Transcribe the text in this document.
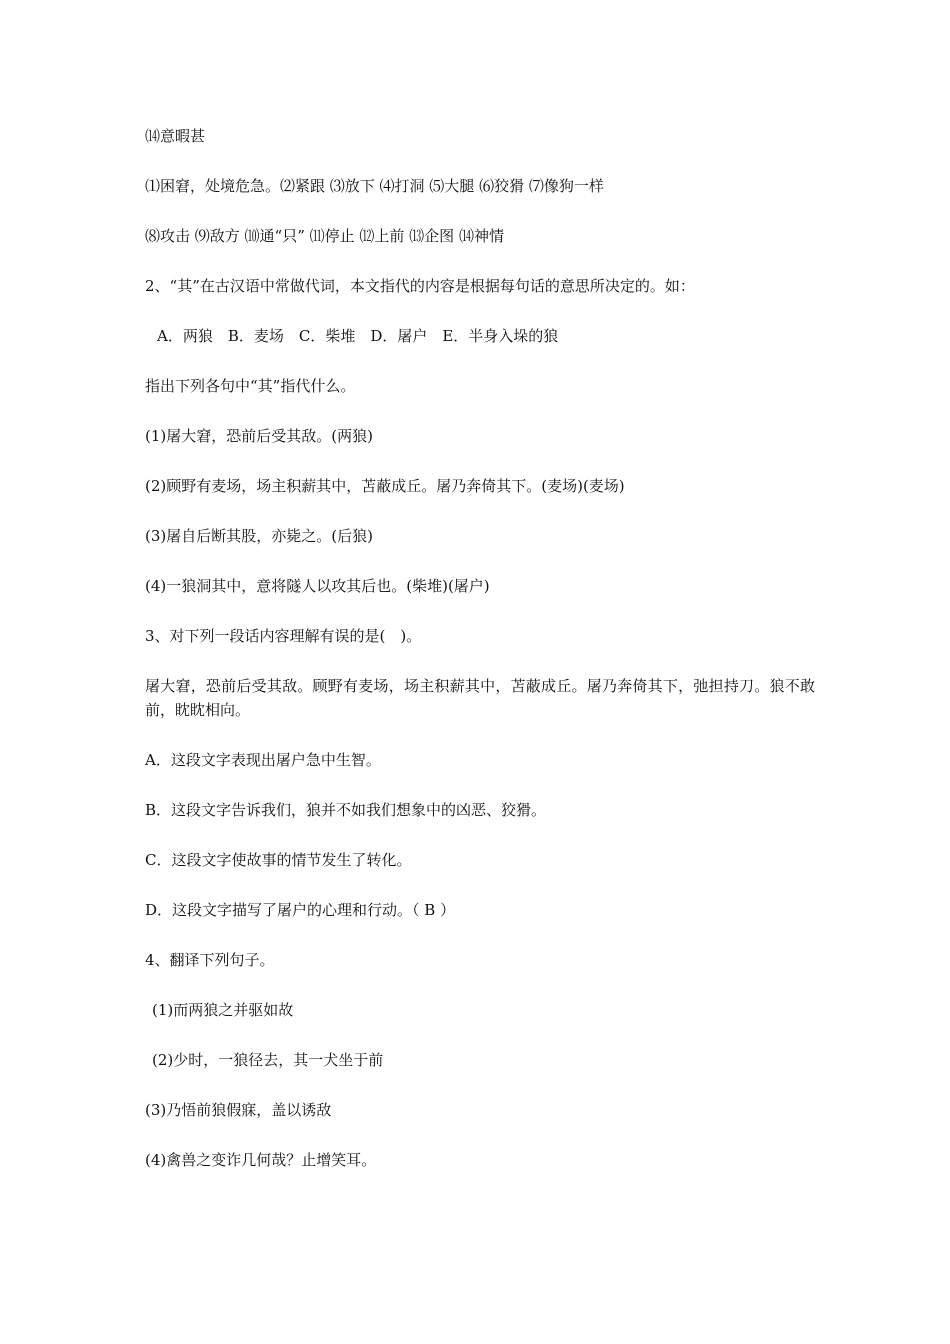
⒁意暇甚
⑴困窘，处境危急。⑵紧跟 ⑶放下 ⑷打洞 ⑸大腿 ⑹狡猾 ⑺像狗一样
⑻攻击 ⑼敌方 ⑽通“只” ⑾停止 ⑿上前 ⒀企图 ⒁神情
2、“其”在古汉语中常做代词，本文指代的内容是根据每句话的意思所决定的。如：
A．两狼　B．麦场　C．柴堆　D．屠户　E．半身入垛的狼
指出下列各句中“其”指代什么。
(1)屠大窘，恐前后受其敌。(两狼)
(2)顾野有麦场，场主积薪其中，苫蔽成丘。屠乃奔倚其下。(麦场)(麦场)
(3)屠自后断其股，亦毙之。(后狼)
(4)一狼洞其中，意将隧人以攻其后也。(柴堆)(屠户)
3、对下列一段话内容理解有误的是(　)。
屠大窘，恐前后受其敌。顾野有麦场，场主积薪其中，苫蔽成丘。屠乃奔倚其下，弛担持刀。狼不敢前，眈眈相向。
A．这段文字表现出屠户急中生智。
B．这段文字告诉我们，狼并不如我们想象中的凶恶、狡猾。
C．这段文字使故事的情节发生了转化。
D．这段文字描写了屠户的心理和行动。（ B ）
4、翻译下列句子。
(1)而两狼之并驱如故
(2)少时，一狼径去，其一犬坐于前
(3)乃悟前狼假寐，盖以诱敌
(4)禽兽之变诈几何哉？止增笑耳。
